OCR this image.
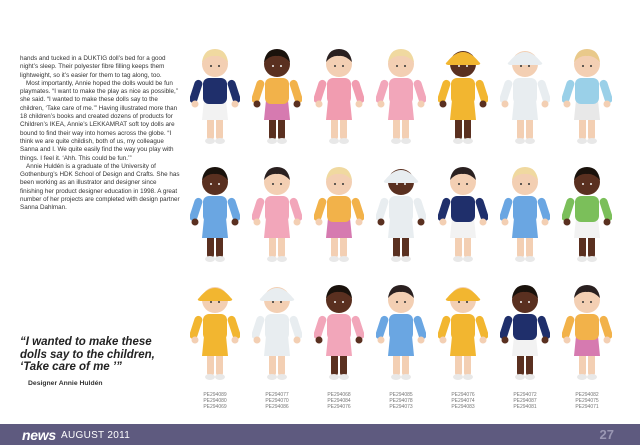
hands and tucked in a DUKTIG doll’s bed for a good night’s sleep. Their polyester fibre filling keeps them lightweight, so it’s easier for them to tag along, too.

Most importantly, Annie hoped the dolls would be fun playmates. “I want to make the play as nice as possible,” she said. “I wanted to make these dolls say to the children, ‘Take care of me.’” Having illustrated more than 18 children’s books and created dozens of products for Children’s IKEA, Annie’s LEKKAMRAT soft toy dolls are bound to find their way into homes across the globe. “I think we are quite childish, both of us, my colleague Sanna and I. We quite easily find the way you play with things. I feel it. ‘Ahh. This could be fun.’”

Annie Huldén is a graduate of the University of Gothenburg’s HDK School of Design and Crafts. She has been working as an illustrator and designer since finishing her product designer education in 1998. A great number of her projects are completed with design partner Sanna Dahlman.

“I wanted to make these dolls say to the children, ‘Take care of me ’”
Designer Annie Huldén
PE294089
PE294080
PE294069
PE294077
PE294070
PE294086
PE294068
PE294084
PE294076
PE294085
PE294078
PE294073
PE294076
PE294074
PE294083
PE294072
PE294087
PE294081
PE294082
PE294075
PE294071
news AUGUST 2011	27
